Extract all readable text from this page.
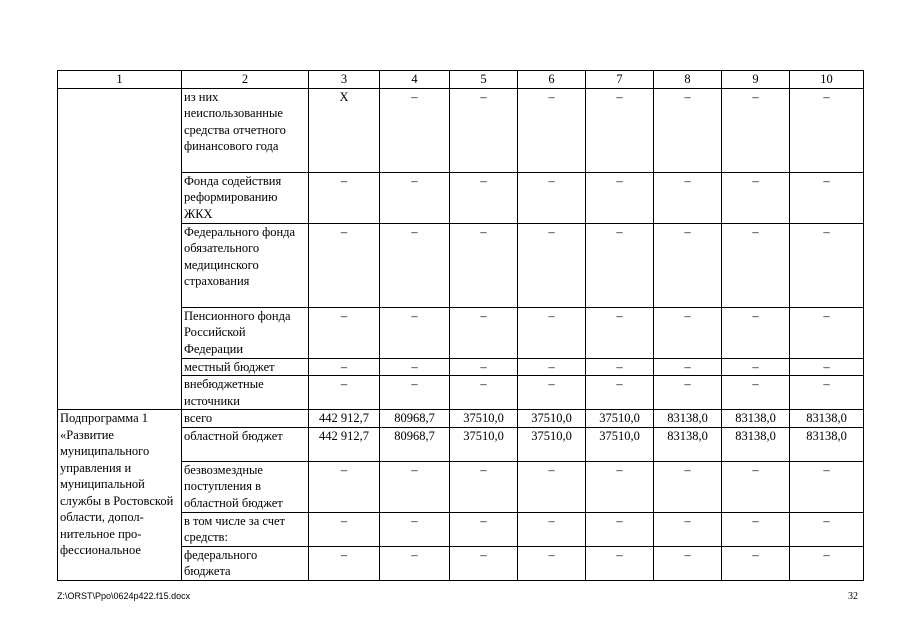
1	2	3	4	5	6	7	8	9	10
	из них неиспользованные средства отчетного финансового года	Х	–	–	–	–	–	–	–
	Фонда содействия реформированию ЖКХ	–	–	–	–	–	–	–	–
	Федерального фонда обязательного медицинского страхования	–	–	–	–	–	–	–	–
	Пенсионного фонда Российской Федерации	–	–	–	–	–	–	–	–
	местный бюджет	–	–	–	–	–	–	–	–
	внебюджетные источники	–	–	–	–	–	–	–	–
Подпрограмма 1 «Развитие муниципального управления и муниципальной службы в Ростовской области, допол-нительное про-фессиональное	всего	442 912,7	80968,7	37510,0	37510,0	37510,0	83138,0	83138,0	83138,0
	областной бюджет	442 912,7	80968,7	37510,0	37510,0	37510,0	83138,0	83138,0	83138,0
	безвозмездные поступления в областной бюджет	–	–	–	–	–	–	–	–
	в том числе за счет средств:	–	–	–	–	–	–	–	–
	федерального бюджета	–	–	–	–	–	–	–	–
Z:\ORST\Ppo\0624p422.f15.docx	32
